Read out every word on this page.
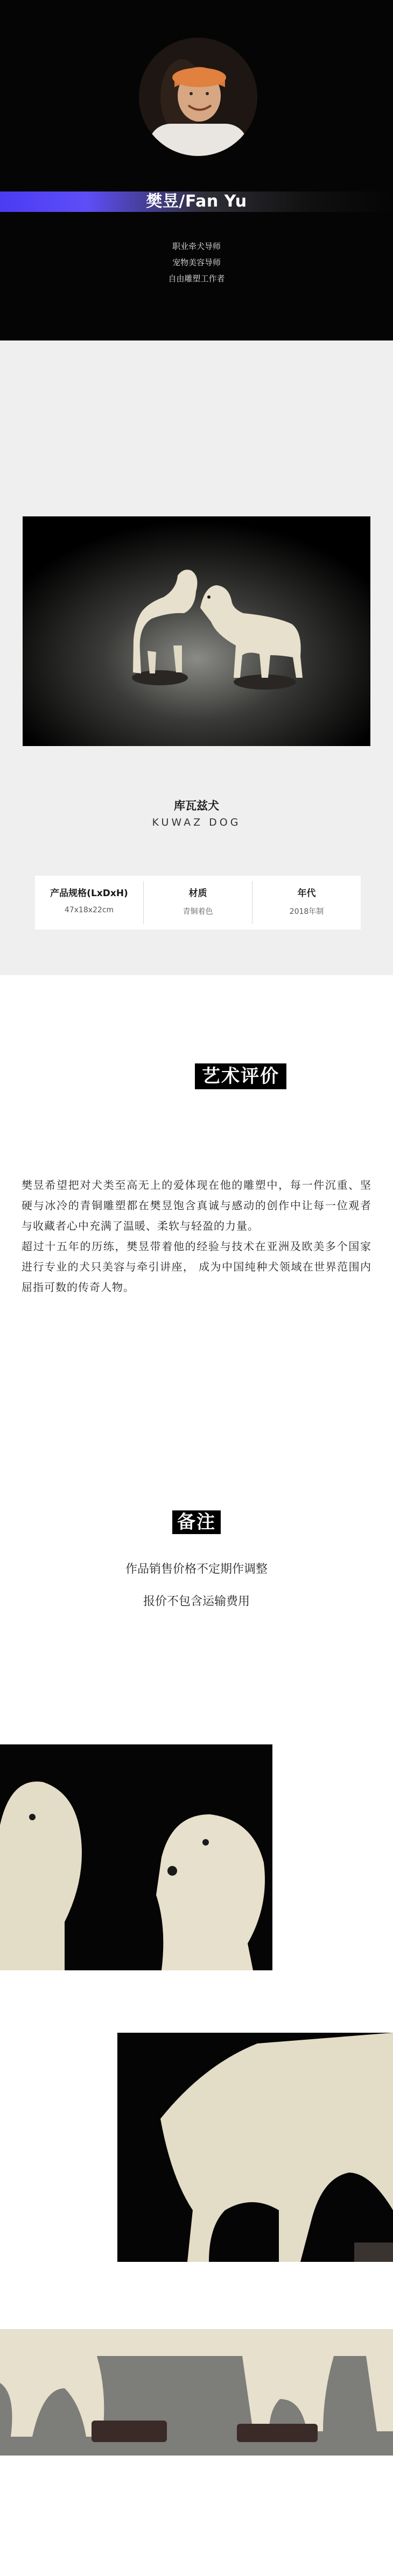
樊昱/Fan Yu
职业牵犬导师
宠物美容导师
自由雕塑工作者
库瓦兹犬
KUWAZ DOG
产品规格(LxDxH)
47x18x22cm
材质
青铜着色
年代
2018年制
艺术评价

樊昱希望把对犬类至高无上的爱体现在他的雕塑中，每一件沉重、坚硬与冰冷的青铜雕塑都在樊昱饱含真诚与感动的创作中让每一位观者与收藏者心中充满了温暖、柔软与轻盈的力量。

超过十五年的历练，樊昱带着他的经验与技术在亚洲及欧美多个国家进行专业的犬只美容与牵引讲座， 成为中国纯种犬领域在世界范围内屈指可数的传奇人物。

备注
作品销售价格不定期作调整
报价不包含运输费用
